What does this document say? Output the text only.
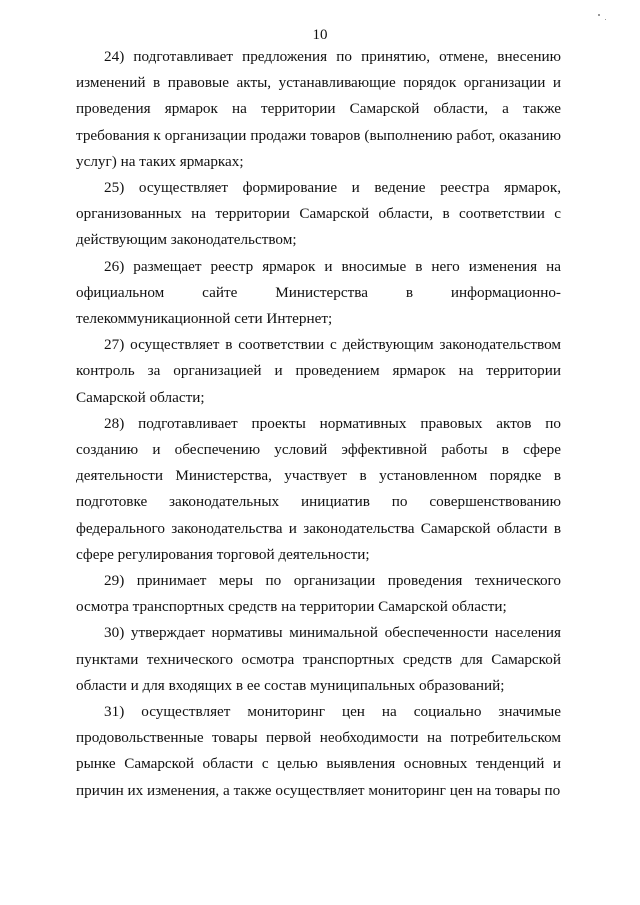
10

24) подготавливает предложения по принятию, отмене, внесению изменений в правовые акты, устанавливающие порядок организации и проведения ярмарок на территории Самарской области, а также требования к организации продажи товаров (выполнению работ, оказанию услуг) на таких ярмарках;

25) осуществляет формирование и ведение реестра ярмарок, организованных на территории Самарской области, в соответствии с действующим законодательством;

26) размещает реестр ярмарок и вносимые в него изменения на официальном сайте Министерства в информационно-телекоммуникационной сети Интернет;

27) осуществляет в соответствии с действующим законодательством контроль за организацией и проведением ярмарок на территории Самарской области;

28) подготавливает проекты нормативных правовых актов по созданию и обеспечению условий эффективной работы в сфере деятельности Министерства, участвует в установленном порядке в подготовке законодательных инициатив по совершенствованию федерального законодательства и законодательства Самарской области в сфере регулирования торговой деятельности;

29) принимает меры по организации проведения технического осмотра транспортных средств на территории Самарской области;

30) утверждает нормативы минимальной обеспеченности населения пунктами технического осмотра транспортных средств для Самарской области и для входящих в ее состав муниципальных образований;

31) осуществляет мониторинг цен на социально значимые продовольственные товары первой необходимости на потребительском рынке Самарской области с целью выявления основных тенденций и причин их изменения, а также осуществляет мониторинг цен на товары по
